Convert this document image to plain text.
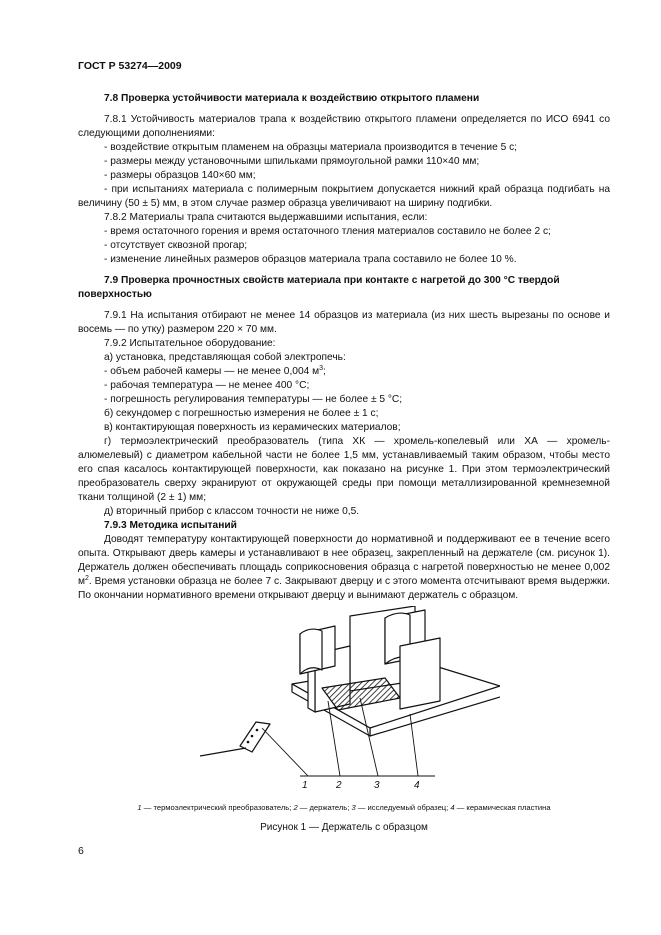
ГОСТ Р 53274—2009

7.8 Проверка устойчивости материала к воздействию открытого пламени

7.8.1 Устойчивость материалов трапа к воздействию открытого пламени определяется по ИСО 6941 со следующими дополнениями:

- воздействие открытым пламенем на образцы материала производится в течение 5 с;

- размеры между установочными шпильками прямоугольной рамки 110×40 мм;

- размеры образцов 140×60 мм;

- при испытаниях материала с полимерным покрытием допускается нижний край образца подгибать на величину (50 ± 5) мм, в этом случае размер образца увеличивают на ширину подгибки.

7.8.2 Материалы трапа считаются выдержавшими испытания, если:

- время остаточного горения и время остаточного тления материалов составило не более 2 с;

- отсутствует сквозной прогар;

- изменение линейных размеров образцов материала трапа составило не более 10 %.

7.9 Проверка прочностных свойств материала при контакте с нагретой до 300 °С твердой поверхностью

7.9.1 На испытания отбирают не менее 14 образцов из материала (из них шесть вырезаны по основе и восемь — по утку) размером 220 × 70 мм.

7.9.2 Испытательное оборудование:

а) установка, представляющая собой электропечь:

- объем рабочей камеры — не менее 0,004 $м^3$;

- рабочая температура — не менее 400 °С;

- погрешность регулирования температуры — не более ± 5 °С;

б) секундомер с погрешностью измерения не более ± 1 с;

в) контактирующая поверхность из керамических материалов;

г) термоэлектрический преобразователь (типа ХК — хромель-копелевый или ХА — хромель-алюмелевый) с диаметром кабельной части не более 1,5 мм, устанавливаемый таким образом, чтобы место его спая касалось контактирующей поверхности, как показано на рисунке 1. При этом термоэлектрический преобразователь сверху экранируют от окружающей среды при помощи металлизированной кремнеземной ткани толщиной (2 ± 1) мм;

д) вторичный прибор с классом точности не ниже 0,5.

7.9.3 Методика испытаний

Доводят температуру контактирующей поверхности до нормативной и поддерживают ее в течение всего опыта. Открывают дверь камеры и устанавливают в нее образец, закрепленный на держателе (см. рисунок 1). Держатель должен обеспечивать площадь соприкосновения образца с нагретой поверхностью не менее 0,002 $м^2$. Время установки образца не более 7 с. Закрывают дверцу и с этого момента отсчитывают время выдержки. По окончании нормативного времени открывают дверцу и вынимают держатель с образцом.

1	2	3	4
1 — термоэлектрический преобразователь; 2 — держатель; 3 — исследуемый образец; 4 — керамическая пластина
Рисунок 1 — Держатель с образцом
6
